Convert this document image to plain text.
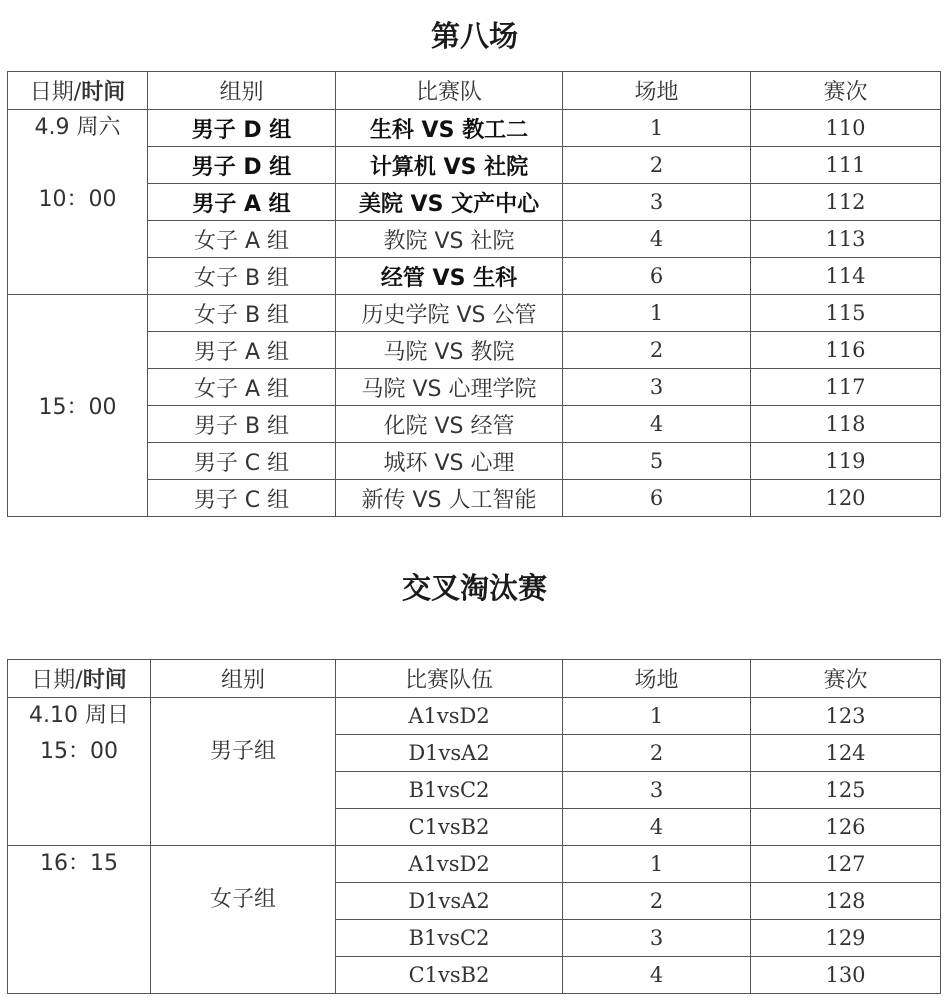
第八场
日期/时间	组别	比赛队	场地	赛次

4.9 周六

10：00	男子 D 组	生科 VS 教工二	1	110
	男子 D 组	计算机 VS 社院	2	111
	男子 A 组	美院 VS 文产中心	3	112
	女子 A 组	教院 VS 社院	4	113
	女子 B 组	经管 VS 生科	6	114
15：00	女子 B 组	历史学院 VS 公管	1	115
	男子 A 组	马院 VS 教院	2	116
	女子 A 组	马院 VS 心理学院	3	117
	男子 B 组	化院 VS 经管	4	118
	男子 C 组	城环 VS 心理	5	119
	男子 C 组	新传 VS 人工智能	6	120
交叉淘汰赛
日期/时间	组别	比赛队伍	场地	赛次

4.10 周日
15：00	男子组	A1vsD2	1	123
		D1vsA2	2	124
		B1vsC2	3	125
		C1vsB2	4	126

16：15	女子组	A1vsD2	1	127
		D1vsA2	2	128
		B1vsC2	3	129
		C1vsB2	4	130
